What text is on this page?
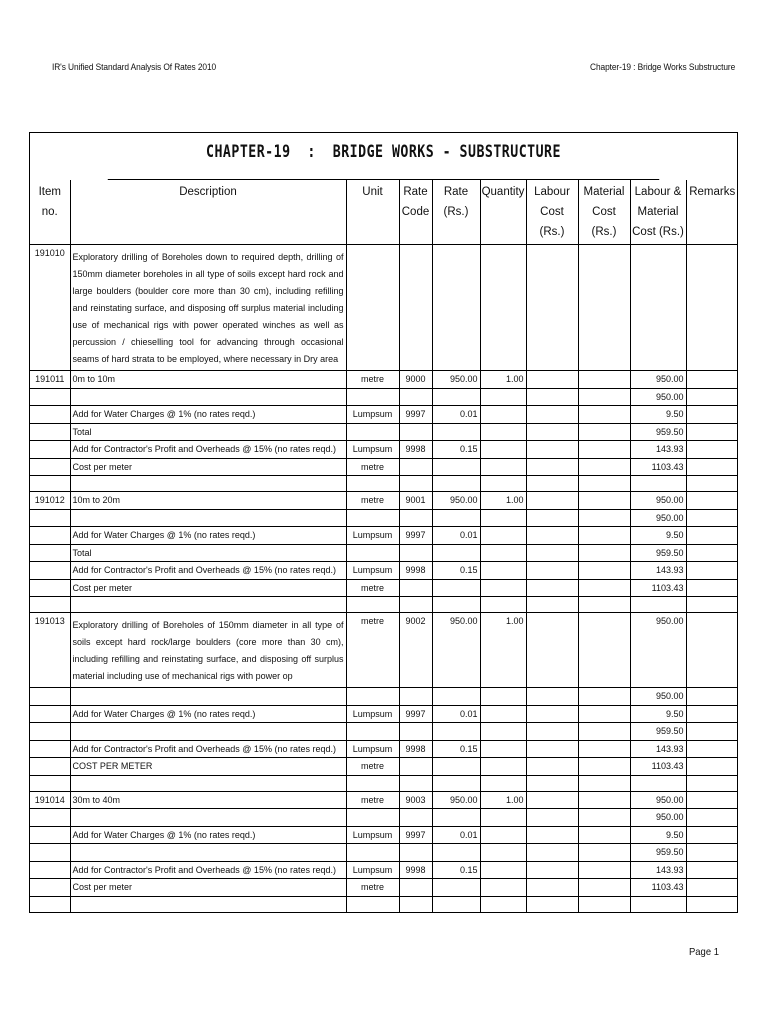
IR's Unified Standard Analysis Of Rates 2010	Chapter-19 : Bridge Works Substructure
CHAPTER-19  :  BRIDGE WORKS - SUBSTRUCTURE
Item no.	Description	Unit	Rate Code	Rate (Rs.)	Quantity	Labour Cost (Rs.)	Material Cost (Rs.)	Labour & Material Cost (Rs.)	Remarks
191010	Exploratory drilling of Boreholes down to required depth, drilling of 150mm diameter boreholes in all type of soils except hard rock and large boulders (boulder core more than 30 cm), including refilling and reinstating surface, and disposing off surplus material including use of mechanical rigs with power operated winches as well as percussion / chieselling tool for advancing through occasional seams of hard strata to be employed, where necessary in Dry area								
191011	0m to 10m	metre	9000	950.00	1.00			950.00	
								950.00	
	Add for Water Charges @ 1% (no rates reqd.)	Lumpsum	9997	0.01				9.50	
	Total							959.50	
	Add for Contractor's Profit and Overheads @ 15% (no rates reqd.)	Lumpsum	9998	0.15				143.93	
	Cost per meter	metre						1103.43	

191012	10m to 20m	metre	9001	950.00	1.00			950.00	
								950.00	
	Add for Water Charges @ 1% (no rates reqd.)	Lumpsum	9997	0.01				9.50	
	Total							959.50	
	Add for Contractor's Profit and Overheads @ 15% (no rates reqd.)	Lumpsum	9998	0.15				143.93	
	Cost per meter	metre						1103.43	

191013	Exploratory drilling of Boreholes of 150mm diameter in all type of soils except hard rock/large boulders (core more than 30 cm), including refilling and reinstating surface, and disposing off surplus material including use of mechanical rigs with power op	metre	9002	950.00	1.00			950.00	
								950.00	
	Add for Water Charges @ 1% (no rates reqd.)	Lumpsum	9997	0.01				9.50	
								959.50	
	Add for Contractor's Profit and Overheads @ 15% (no rates reqd.)	Lumpsum	9998	0.15				143.93	
	COST PER METER	metre						1103.43	

191014	30m to 40m	metre	9003	950.00	1.00			950.00	
								950.00	
	Add for Water Charges @ 1% (no rates reqd.)	Lumpsum	9997	0.01				9.50	
								959.50	
	Add for Contractor's Profit and Overheads @ 15% (no rates reqd.)	Lumpsum	9998	0.15				143.93	
	Cost per meter	metre						1103.43	

Page 1
